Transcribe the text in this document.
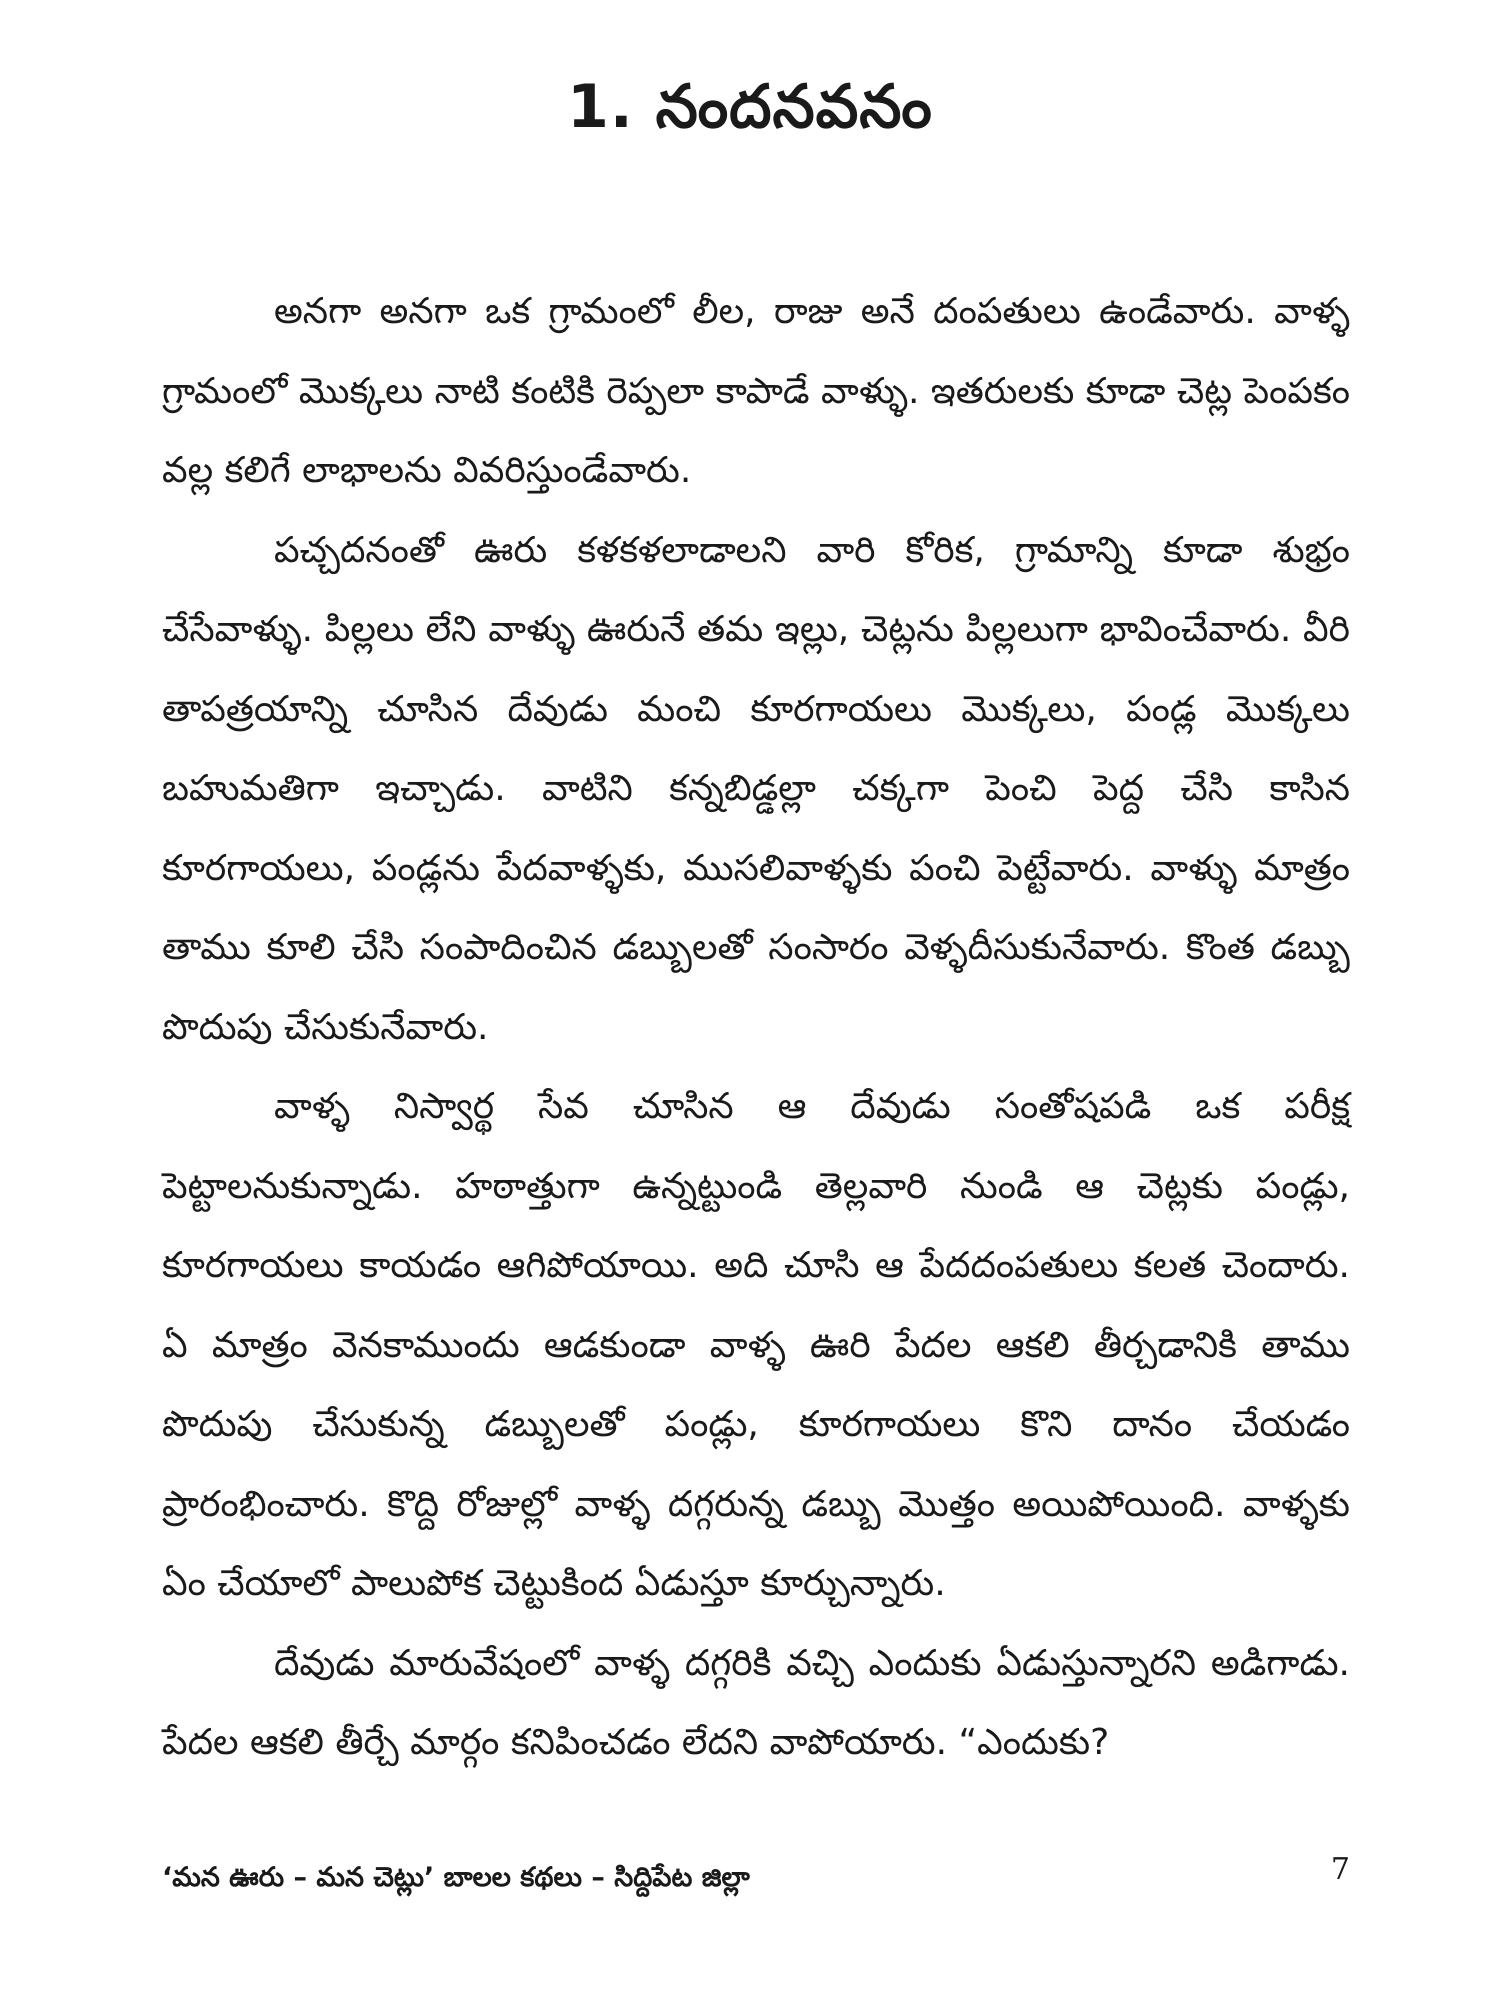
1. నందనవనం

అనగా అనగా ఒక గ్రామంలో లీల, రాజు అనే దంపతులు ఉండేవారు. వాళ్ళ గ్రామంలో మొక్కలు నాటి కంటికి రెప్పలా కాపాడే వాళ్ళు. ఇతరులకు కూడా చెట్ల పెంపకం వల్ల కలిగే లాభాలను వివరిస్తుండేవారు.

పచ్చదనంతో ఊరు కళకళలాడాలని వారి కోరిక, గ్రామాన్ని కూడా శుభ్రం చేసేవాళ్ళు. పిల్లలు లేని వాళ్ళు ఊరునే తమ ఇల్లు, చెట్లను పిల్లలుగా భావించేవారు. వీరి తాపత్రయాన్ని చూసిన దేవుడు మంచి కూరగాయలు మొక్కలు, పండ్ల మొక్కలు బహుమతిగా ఇచ్చాడు. వాటిని కన్నబిడ్డల్లా చక్కగా పెంచి పెద్ద చేసి కాసిన కూరగాయలు, పండ్లను పేదవాళ్ళకు, ముసలివాళ్ళకు పంచి పెట్టేవారు. వాళ్ళు మాత్రం తాము కూలి చేసి సంపాదించిన డబ్బులతో సంసారం వెళ్ళదీసుకునేవారు. కొంత డబ్బు పొదుపు చేసుకునేవారు.

వాళ్ళ నిస్వార్థ సేవ చూసిన ఆ దేవుడు సంతోషపడి ఒక పరీక్ష పెట్టాలనుకున్నాడు. హఠాత్తుగా ఉన్నట్టుండి తెల్లవారి నుండి ఆ చెట్లకు పండ్లు, కూరగాయలు కాయడం ఆగిపోయాయి. అది చూసి ఆ పేదదంపతులు కలత చెందారు. ఏ మాత్రం వెనకాముందు ఆడకుండా వాళ్ళ ఊరి పేదల ఆకలి తీర్చడానికి తాము పొదుపు చేసుకున్న డబ్బులతో పండ్లు, కూరగాయలు కొని దానం చేయడం ప్రారంభించారు. కొద్ది రోజుల్లో వాళ్ళ దగ్గరున్న డబ్బు మొత్తం అయిపోయింది. వాళ్ళకు ఏం చేయాలో పాలుపోక చెట్టుకింద ఏడుస్తూ కూర్చున్నారు.

దేవుడు మారువేషంలో వాళ్ళ దగ్గరికి వచ్చి ఎందుకు ఏడుస్తున్నారని అడిగాడు. పేదల ఆకలి తీర్చే మార్గం కనిపించడం లేదని వాపోయారు. “ఎందుకు?

‘మన ఊరు – మన చెట్లు’ బాలల కథలు – సిద్దిపేట జిల్లా	7
